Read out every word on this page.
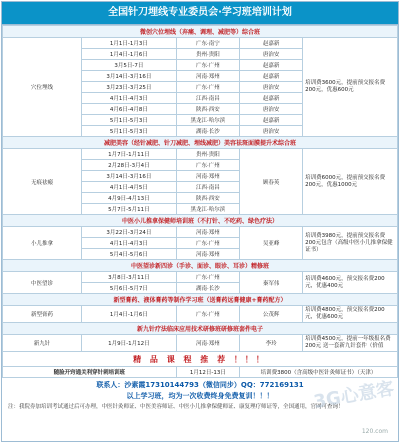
全国针刀埋线专业委员会·学习班培训计划
微创穴位埋线（弃痛、调理、减肥等）综合班				
穴位埋线	1月1日-1月3日	广东·南宁	赵嘉新	培训费3600元，提前预交报名费200元，优惠600元
	1月4日-1月6日	贵州·贵阳	唐治安	
	3月5日-7日	广东·广州	赵嘉新	
	3月14日-3月16日	河南·郑州	赵嘉新	
	3月23日-3月25日	广东·广州	唐治安	
	4月1日-4月3日	江西·南昌	赵嘉新	
	4月6日-4月8日	陕西·西安	唐治安	
	5月1日-5月3日	黑龙江·哈尔滨	赵嘉新	
	5月1日-5月3日	湖南·长沙	唐治安	
减肥美容（经针减肥、针刀减肥、埋线减肥）美容祛斑面膜提升术综合班				
无痕祛瘢	1月7日-1月11日	贵州·贵阳	顾春英	培训费6000元，提前预交报名费200元，优惠1000元
	2月28日-3月4日	广东·广州		
	3月14日-3月16日	河南·郑州		
	4月1日-4月5日	江西·南昌		
	4月9日-4月13日	陕西·西安		
	5月7日-5月11日	黑龙江·哈尔滨		
中医小儿推拿保健师培训班（不打针、不吃药、绿色疗法）				
小儿推拿	3月22日-3月24日	河南·郑州	吴亚峰	培训费3980元，提前预交报名费200元包含（高级中医小儿推拿保健证书）
	4月1日-4月3日	广东·广州		
	5月4日-5月6日	河南·郑州		
中医望诊新四诊（手诊、面诊、眼诊、耳诊）精修班				
中医望诊	3月8日-3月11日	广东·广州	秦军伟	培训费4600元，预交报名费200元，优惠400元
	5月6日-5月7日	湖南·长沙		
新型膏药、液体膏药等制作学习班（送膏药远膏健康+膏药配方）				
新型膏药	1月4日-1月6日	广东·广州	公茂辉	培训费4800元，预交报名费200元，优惠600元
新九针疗法临床应用技术研修班研修班套件电子				
新九针	1月9日-1月12日	河南·郑州	李玲	培训费4500元，提前一年级报名费200元 送一套新九针套件（价值
精 品 课 程 推 荐 ！！！				
随脸开窍通关利穿针刺培训班		1月12日-13日	培训费3800（含高级中医针灸师证书）（天津）	
联系人：沙素霞17310144793（微信同步）QQ：772169131
以上学习班，均为一次收费终身免费复训！！！
注：我院券加培训考试通过后可办理，中医针灸师证、中医美容师证、中医小儿推拿保健师证、康复理疗师证等，全国通用，官网可查询！
3G心意客
120.com
